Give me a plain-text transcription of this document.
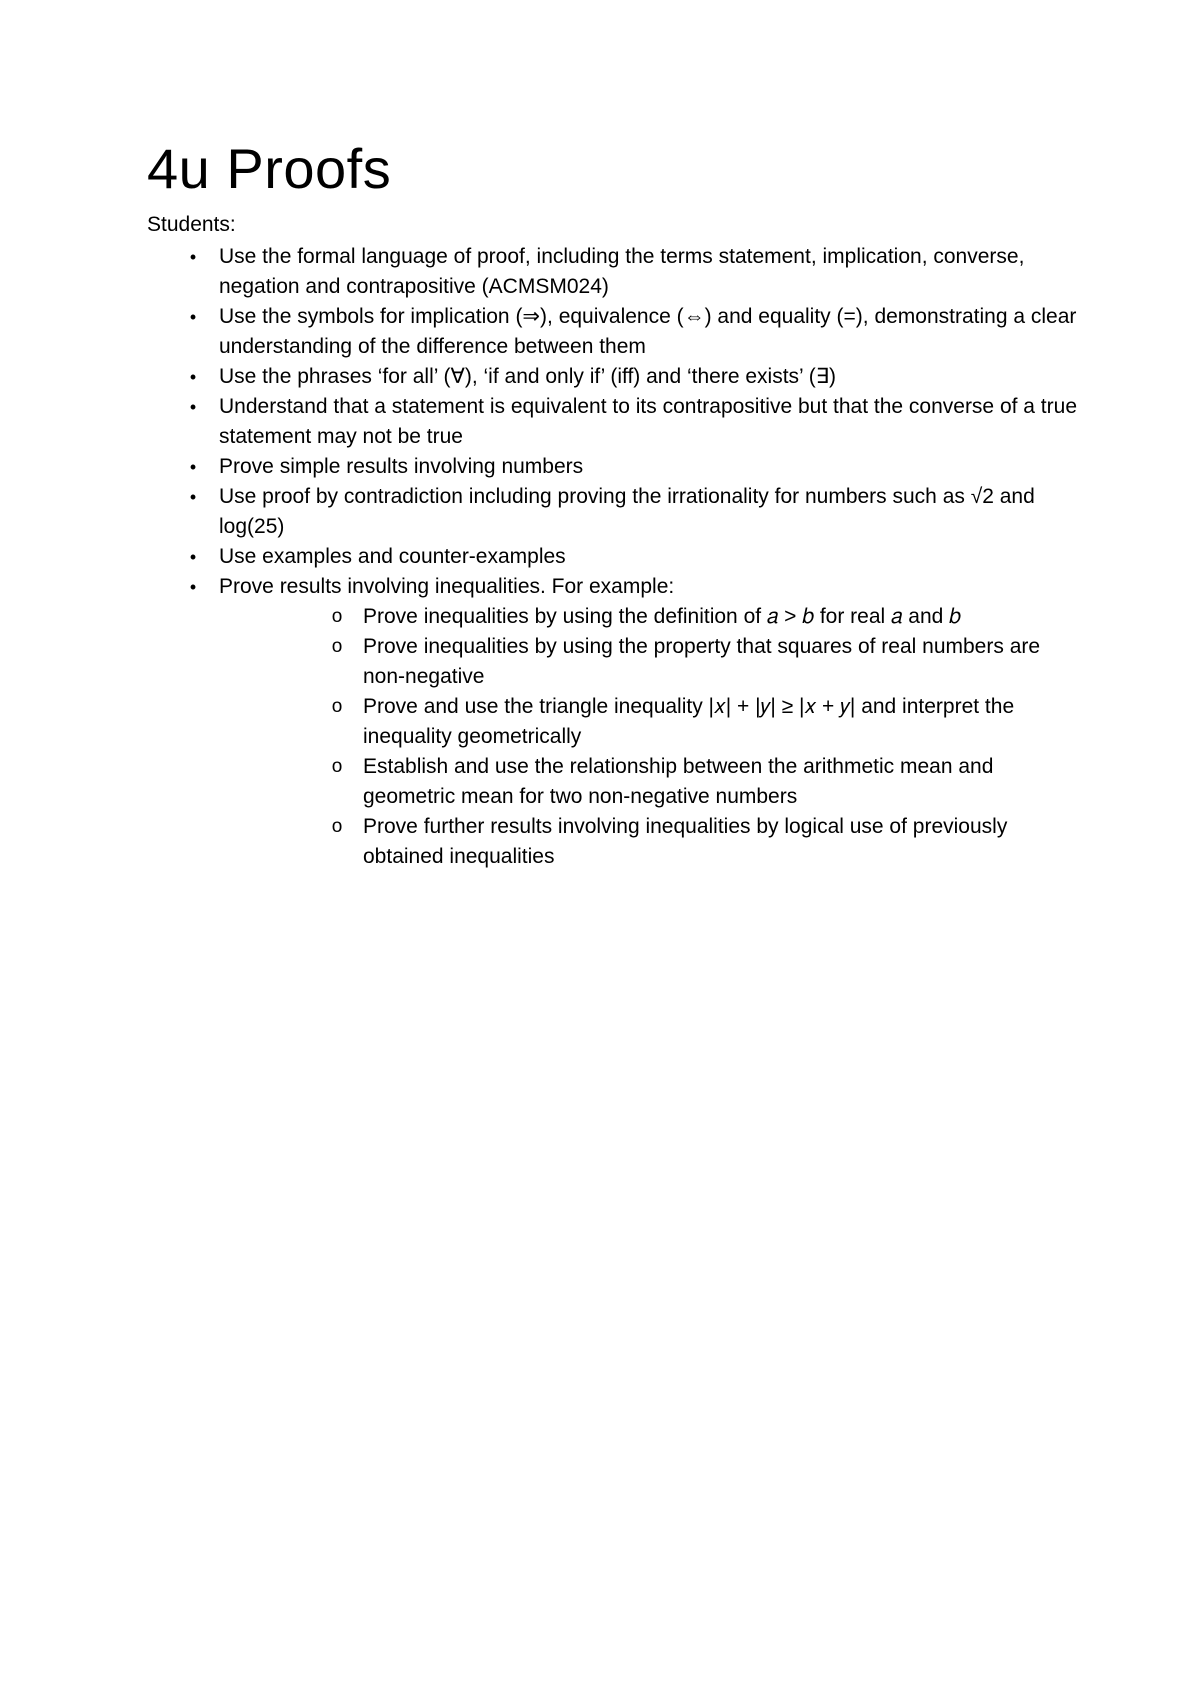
4u Proofs

Students:

•	Use the formal language of proof, including the terms statement, implication, converse, negation and contrapositive (ACMSM024)
•	Use the symbols for implication (⇒), equivalence (⇔) and equality (=), demonstrating a clear understanding of the difference between them
•	Use the phrases ‘for all’ (∀), ‘if and only if’ (iff) and ‘there exists’ (∃)
•	Understand that a statement is equivalent to its contrapositive but that the converse of a true statement may not be true
•	Prove simple results involving numbers
•	Use proof by contradiction including proving the irrationality for numbers such as √2 and log(25)
•	Use examples and counter-examples
•	Prove results involving inequalities. For example:
o Prove inequalities by using the definition of 𝑎 > 𝑏 for real 𝑎 and 𝑏
o Prove inequalities by using the property that squares of real numbers are non-negative
o Prove and use the triangle inequality |𝑥| + |𝑦| ≥ |𝑥 + 𝑦| and interpret the inequality geometrically
o Establish and use the relationship between the arithmetic mean and geometric mean for two non-negative numbers
o Prove further results involving inequalities by logical use of previously obtained inequalities
